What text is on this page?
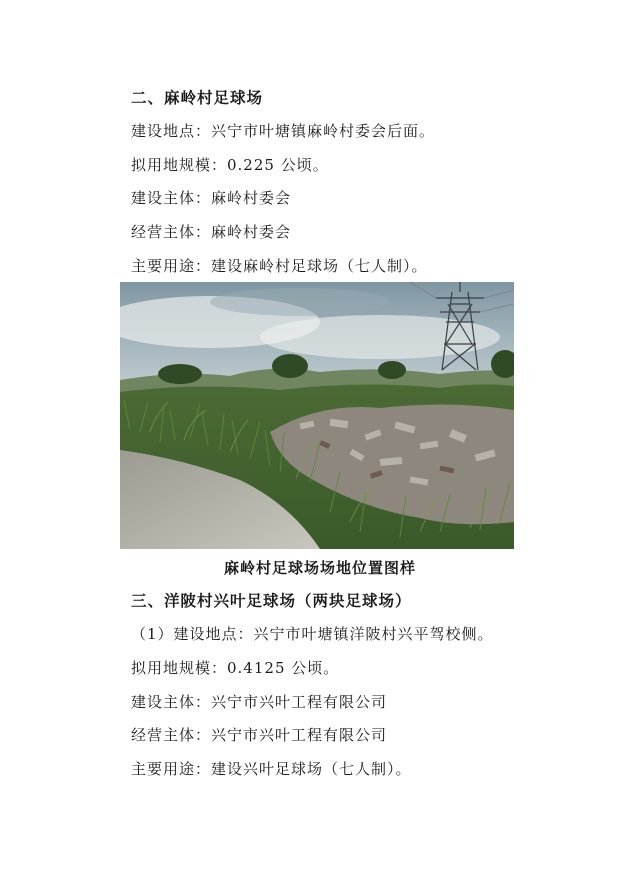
二、麻岭村足球场
建设地点：兴宁市叶塘镇麻岭村委会后面。
拟用地规模：0.225 公顷。
建设主体：麻岭村委会
经营主体：麻岭村委会
主要用途：建设麻岭村足球场（七人制）。
麻岭村足球场场地位置图样
三、洋陂村兴叶足球场（两块足球场）
（1）建设地点：兴宁市叶塘镇洋陂村兴平驾校侧。
拟用地规模：0.4125 公顷。
建设主体：兴宁市兴叶工程有限公司
经营主体：兴宁市兴叶工程有限公司
主要用途：建设兴叶足球场（七人制）。
